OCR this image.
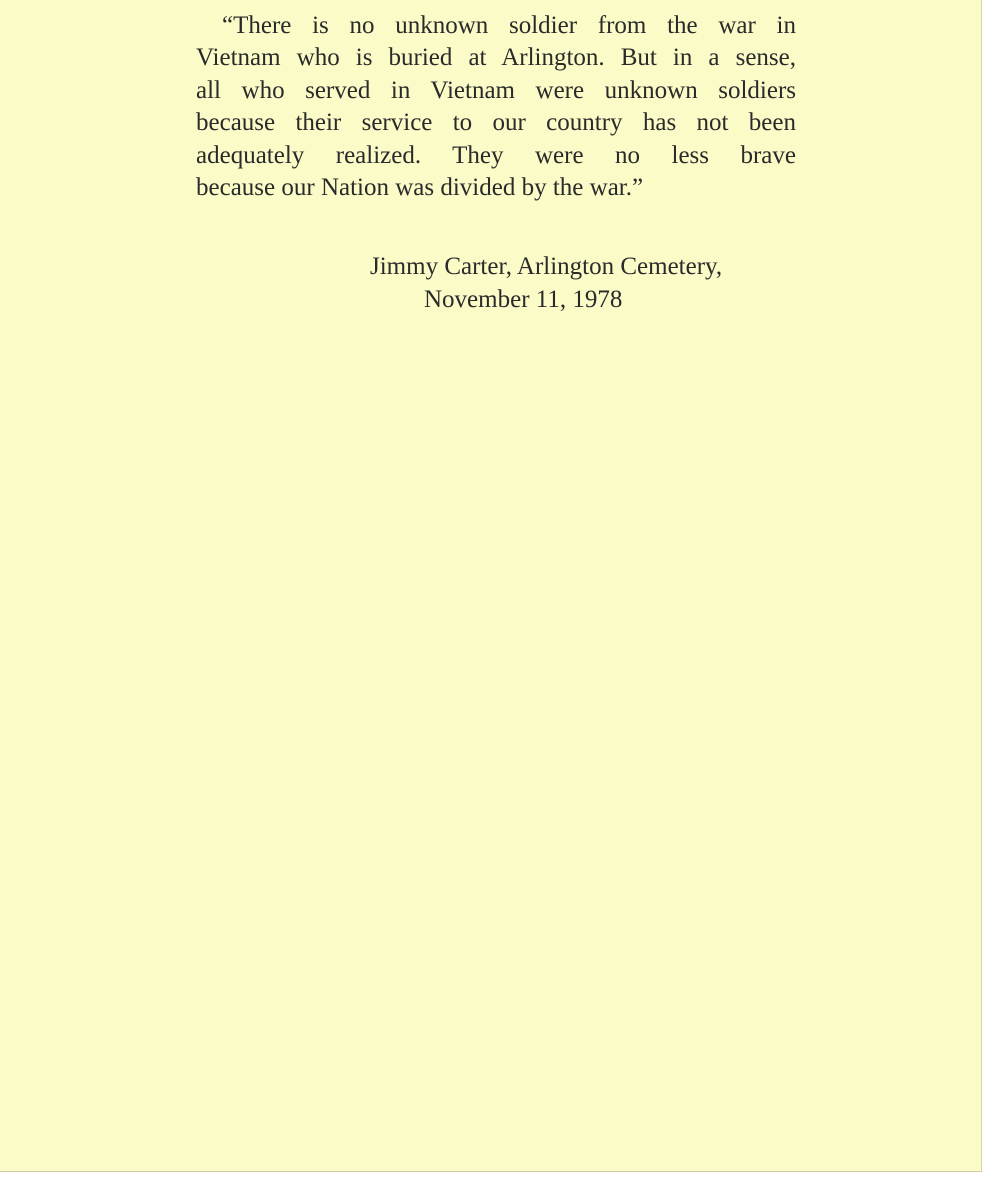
“There is no unknown soldier from the war in
Vietnam who is buried at Arlington. But in a sense,
all who served in Vietnam were unknown soldiers
because their service to our country has not been
adequately realized. They were no less brave
because our Nation was divided by the war.”

Jimmy Carter, Arlington Cemetery,
November 11, 1978
